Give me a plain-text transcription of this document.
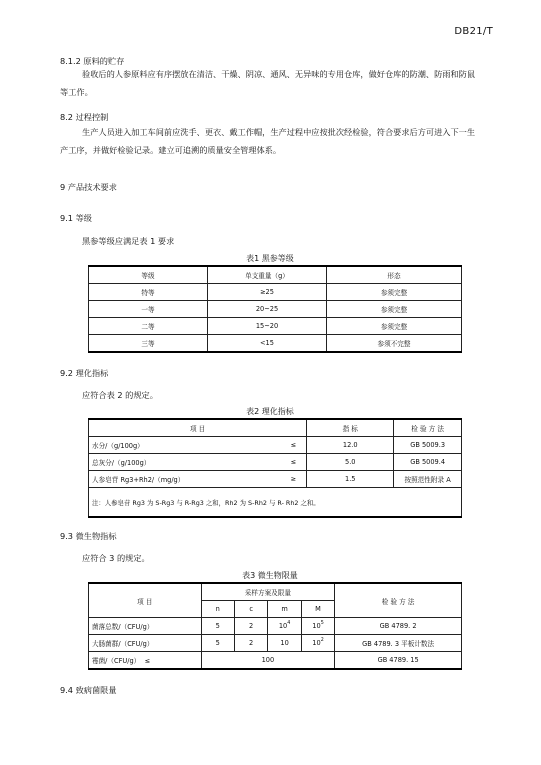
DB21/T
8.1.2 原料的贮存
验收后的人参原料应有序摆放在清洁、干燥、阴凉、通风、无异味的专用仓库，做好仓库的防潮、防雨和防鼠等工作。
8.2 过程控制
生产人员进入加工车间前应洗手、更衣、戴工作帽，生产过程中应按批次经检验，符合要求后方可进入下一生产工序，并做好检验记录。建立可追溯的质量安全管理体系。
9 产品技术要求
9.1 等级
黑参等级应满足表 1 要求
表1 黑参等级
等级	单支重量（g）	形态
特等	≥25	参须完整
一等	20~25	参须完整
二等	15~20	参须完整
三等	<15	参须不完整
9.2 理化指标
应符合表 2 的规定。
表2 理化指标
项 目		指 标	检 验 方 法
水分/（g/100g）	≤	12.0	GB 5009.3
总灰分/（g/100g）	≤	5.0	GB 5009.4
人参皂苷 Rg3+Rh2/（mg/g）	≥	1.5	按照范性附录 A
注：人参皂苷 Rg3 为 S-Rg3 与 R-Rg3 之和，Rh2 为 S-Rh2 与 R- Rh2 之和。			
9.3 微生物指标
应符合 3 的规定。
表3 微生物限量
项 目	采样方案及限量				检 验 方 法
	n	c	m	M	
菌落总数/（CFU/g）	5	2	$10^4$	$10^5$	GB 4789. 2
大肠菌群/（CFU/g）	5	2	10	$10^2$	GB 4789. 3 平板计数法
霉菌/（CFU/g） ≤	100				GB 4789. 15
9.4 致病菌限量
